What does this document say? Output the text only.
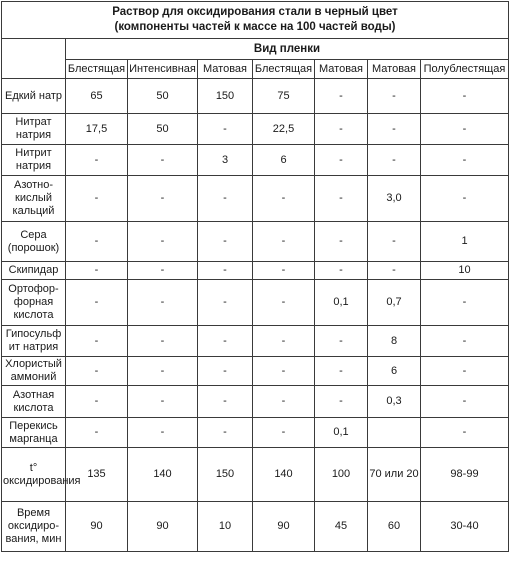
Раствор для оксидирования стали в черный цвет
(компоненты частей к массе на 100 частей воды)							

	Вид пленки						
	Блестящая	Интенсивная	Матовая	Блестящая	Матовая	Матовая	Полублестящая
Едкий натр	65	50	150	75	-	-	-
Нитрат натрия	17,5	50	-	22,5	-	-	-
Нитрит натрия	-	-	3	6	-	-	-
Азотно-кислый кальций	-	-	-	-	-	3,0	-
Сера (порошок)	-	-	-	-	-	-	1
Скипидар	-	-	-	-	-	-	10
Ортофор-форная кислота	-	-	-	-	0,1	0,7	-
Гипосульф ит натрия	-	-	-	-	-	8	-
Хлористый аммоний	-	-	-	-	-	6	-
Азотная кислота	-	-	-	-	-	0,3	-
Перекись марганца	-	-	-	-	0,1		-
t° оксидирования	135	140	150	140	100	70 или 20	98-99
Время оксидиро-вания, мин	90	90	10	90	45	60	30-40
